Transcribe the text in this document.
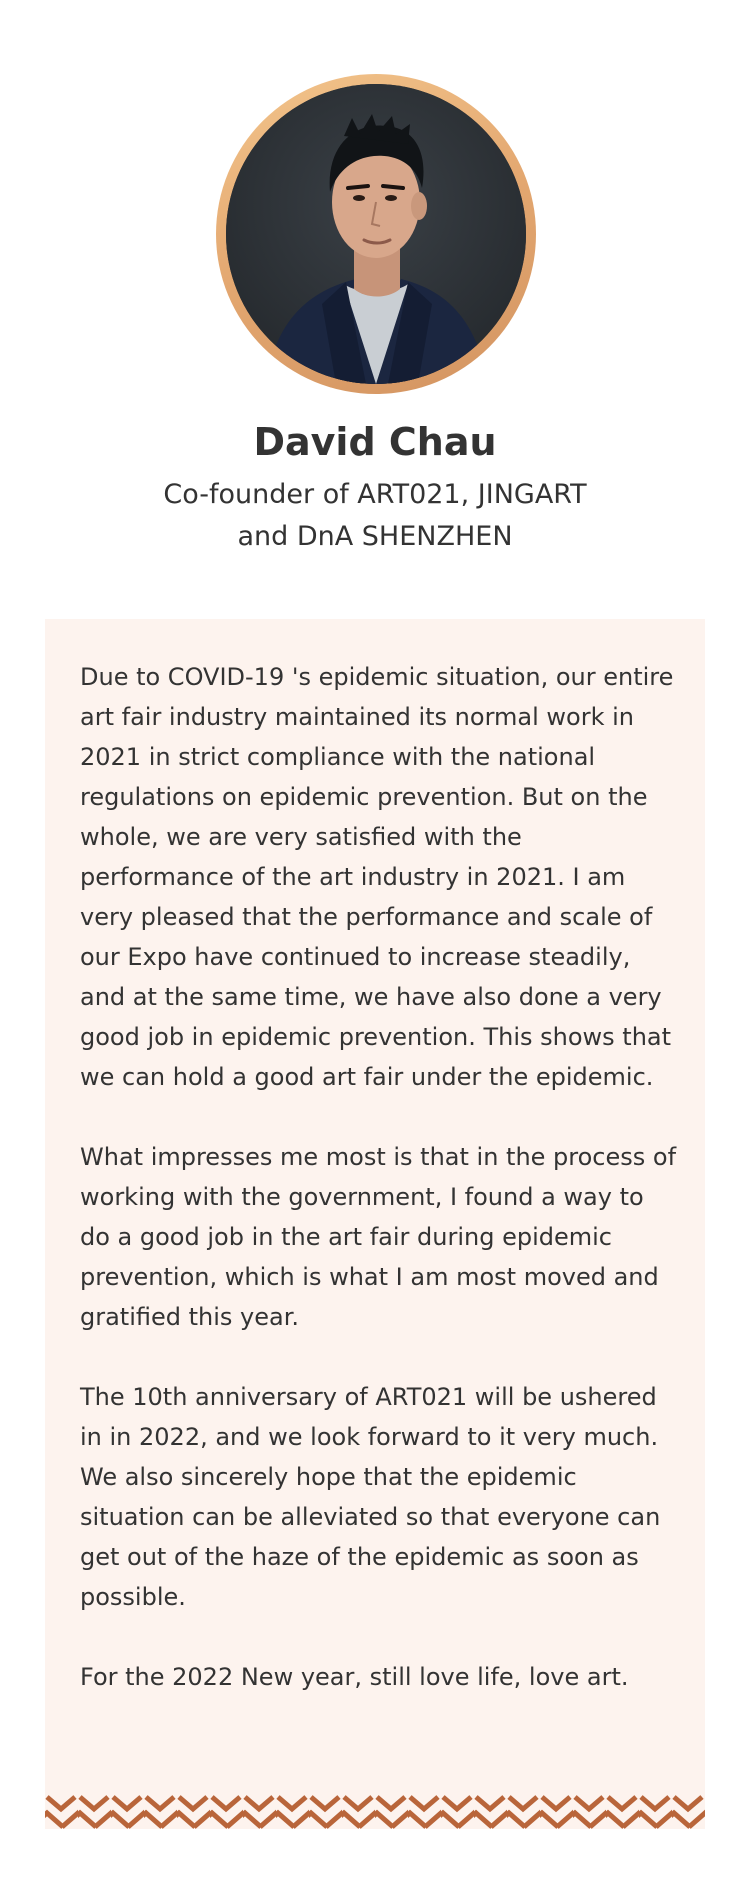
David Chau
Co-founder of ART021, JINGART
and DnA SHENZHEN

Due to COVID-19 's epidemic situation, our entire art fair industry maintained its normal work in 2021 in strict compliance with the national regulations on epidemic prevention. But on the whole, we are very satisfied with the performance of the art industry in 2021. I am very pleased that the performance and scale of our Expo have continued to increase steadily, and at the same time, we have also done a very good job in epidemic prevention. This shows that we can hold a good art fair under the epidemic.

What impresses me most is that in the process of working with the government, I found a way to do a good job in the art fair during epidemic prevention, which is what I am most moved and gratified this year.

The 10th anniversary of ART021 will be ushered in in 2022, and we look forward to it very much. We also sincerely hope that the epidemic situation can be alleviated so that everyone can get out of the haze of the epidemic as soon as possible.

For the 2022 New year, still love life, love art.
